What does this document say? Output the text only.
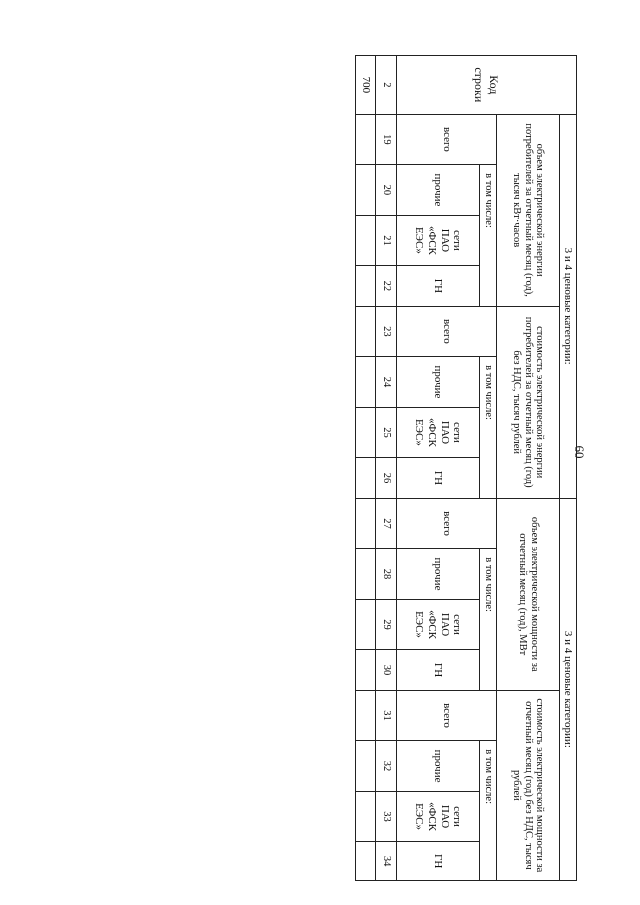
60
Код строки	3 и 4 ценовые категории:								3 и 4 ценовые категории:							
	объем электрической энергии потребителей за отчетный месяц (год), тысяч кВт·часов				стоимость электрической энергии потребителей за отчетный месяц (год) без НДС, тысяч рублей				объем электрической мощности за отчетный месяц (год), МВт				стоимость электрической мощности за отчетный месяц (год) без НДС, тысяч рублей			
	всего	в том числе:			всего	в том числе:			всего	в том числе:			всего	в том числе:		
		прочие	сети ПАО «ФСК ЕЭС»	ГН		прочие	сети ПАО «ФСК ЕЭС»	ГН		прочие	сети ПАО «ФСК ЕЭС»	ГН		прочие	сети ПАО «ФСК ЕЭС»	ГН
2	19	20	21	22	23	24	25	26	27	28	29	30	31	32	33	34
700																
